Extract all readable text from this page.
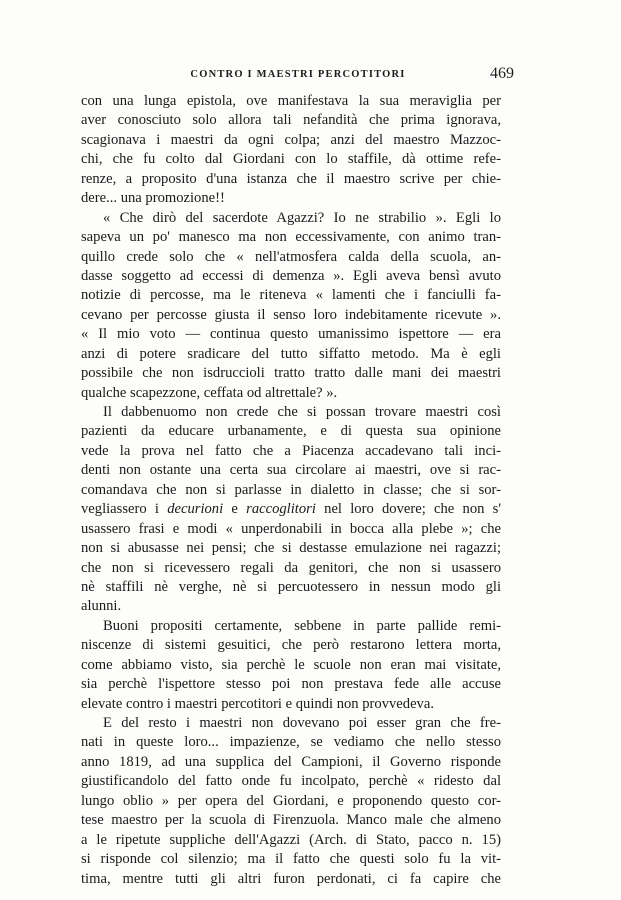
CONTRO I MAESTRI PERCOTITORI	469
con una lunga epistola, ove manifestava la sua meraviglia per
aver conosciuto solo allora tali nefandità che prima ignorava,
scagionava i maestri da ogni colpa; anzi del maestro Mazzoc-
chi, che fu colto dal Giordani con lo staffile, dà ottime refe-
renze, a proposito d'una istanza che il maestro scrive per chie-
dere... una promozione!!
« Che dirò del sacerdote Agazzi? Io ne strabilio ». Egli lo
sapeva un po' manesco ma non eccessivamente, con animo tran-
quillo crede solo che « nell'atmosfera calda della scuola, an-
dasse soggetto ad eccessi di demenza ». Egli aveva bensì avuto
notizie di percosse, ma le riteneva « lamenti che i fanciulli fa-
cevano per percosse giusta il senso loro indebitamente ricevute ».
« Il mio voto — continua questo umanissimo ispettore — era
anzi di potere sradicare del tutto siffatto metodo. Ma è egli
possibile che non isdruccioli tratto tratto dalle mani dei maestri
qualche scapezzone, ceffata od altrettale? ».
Il dabbenuomo non crede che si possan trovare maestri così
pazienti da educare urbanamente, e di questa sua opinione
vede la prova nel fatto che a Piacenza accadevano tali inci-
denti non ostante una certa sua circolare ai maestri, ove si rac-
comandava che non si parlasse in dialetto in classe; che si sor-
vegliassero i decurioni e raccoglitori nel loro dovere; che non s'
usassero frasi e modi « unperdonabili in bocca alla plebe »; che
non si abusasse nei pensi; che si destasse emulazione nei ragazzi;
che non si ricevessero regali da genitori, che non si usassero
nè staffili nè verghe, nè si percuotessero in nessun modo gli
alunni.
Buoni propositi certamente, sebbene in parte pallide remi-
niscenze di sistemi gesuitici, che però restarono lettera morta,
come abbiamo visto, sia perchè le scuole non eran mai visitate,
sia perchè l'ispettore stesso poi non prestava fede alle accuse
elevate contro i maestri percotitori e quindi non provvedeva.
E del resto i maestri non dovevano poi esser gran che fre-
nati in queste loro... impazienze, se vediamo che nello stesso
anno 1819, ad una supplica del Campioni, il Governo risponde
giustificandolo del fatto onde fu incolpato, perchè « ridesto dal
lungo oblio » per opera del Giordani, e proponendo questo cor-
tese maestro per la scuola di Firenzuola. Manco male che almeno
a le ripetute suppliche dell'Agazzi (Arch. di Stato, pacco n. 15)
si risponde col silenzio; ma il fatto che questi solo fu la vit-
tima, mentre tutti gli altri furon perdonati, ci fa capire che
